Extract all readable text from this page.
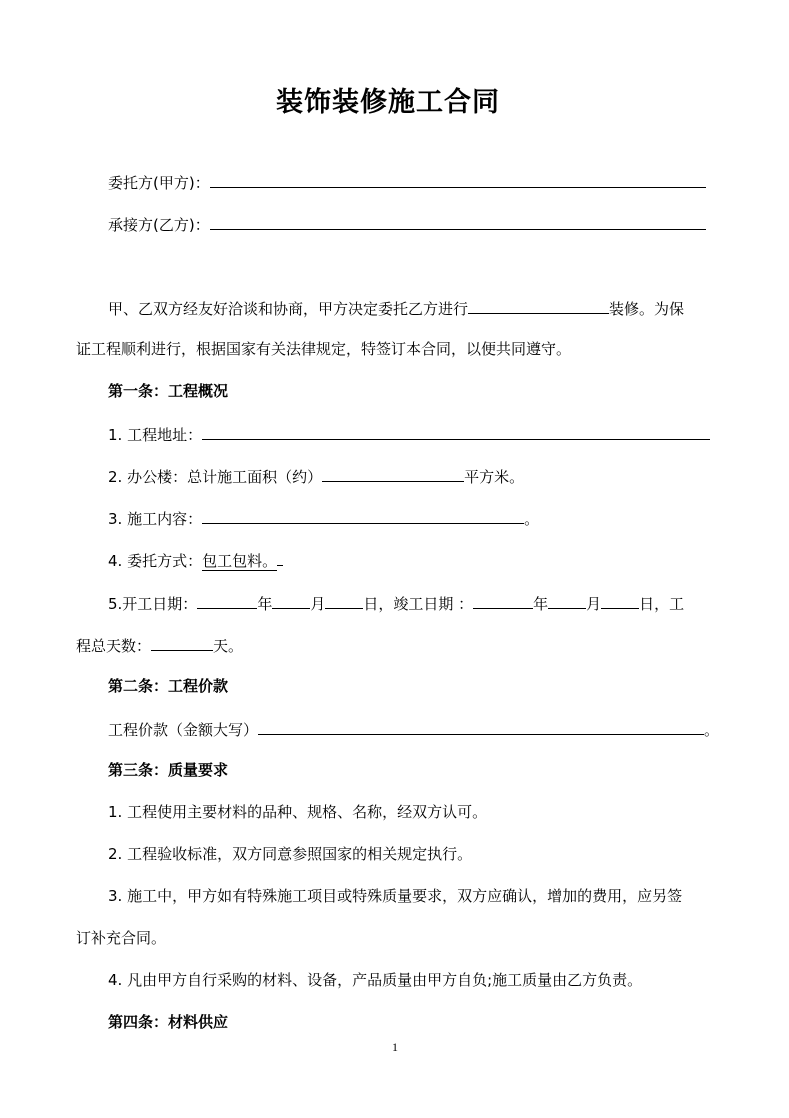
装饰装修施工合同
委托方(甲方)：
承接方(乙方)：
甲、乙双方经友好洽谈和协商，甲方决定委托乙方进行	装修。为保
证工程顺利进行，根据国家有关法律规定，特签订本合同，以便共同遵守。
第一条：工程概况
1. 工程地址：
2. 办公楼：总计施工面积（约）	平方米。
3. 施工内容：	。
4. 委托方式：包工包料。
5.开工日期：	年	月	日，竣工日期 ：	年	月	日，工
程总天数：	天。
第二条：工程价款
工程价款（金额大写）	。
第三条：质量要求
1. 工程使用主要材料的品种、规格、名称，经双方认可。
2. 工程验收标准，双方同意参照国家的相关规定执行。
3. 施工中，甲方如有特殊施工项目或特殊质量要求，双方应确认，增加的费用，应另签
订补充合同。
4. 凡由甲方自行采购的材料、设备，产品质量由甲方自负;施工质量由乙方负责。
第四条：材料供应
1
